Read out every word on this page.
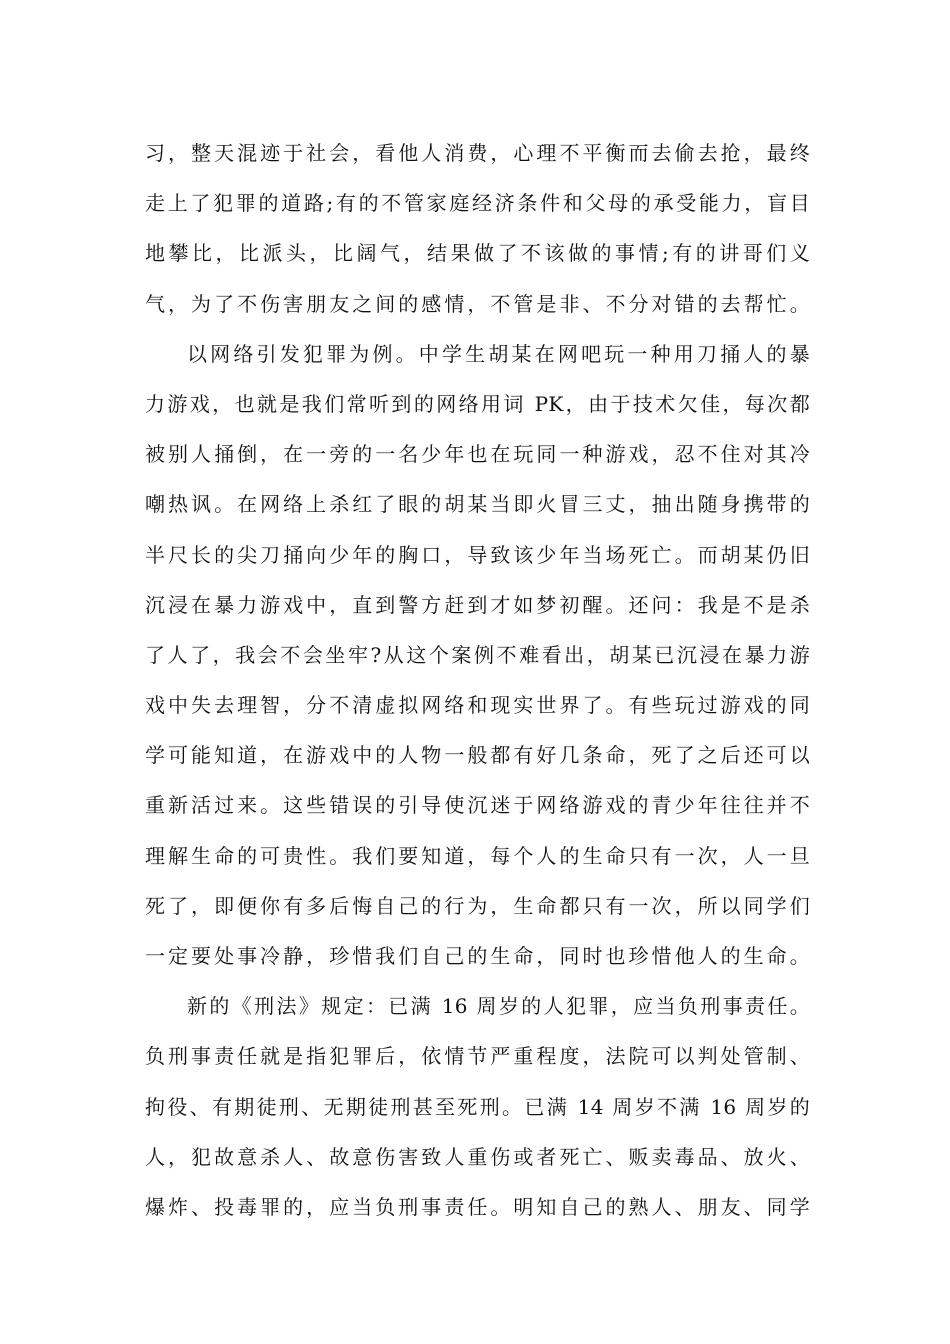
习，整天混迹于社会，看他人消费，心理不平衡而去偷去抢，最终
走上了犯罪的道路;有的不管家庭经济条件和父母的承受能力，盲目
地攀比，比派头，比阔气，结果做了不该做的事情;有的讲哥们义
气，为了不伤害朋友之间的感情，不管是非、不分对错的去帮忙。
以网络引发犯罪为例。中学生胡某在网吧玩一种用刀捅人的暴
力游戏，也就是我们常听到的网络用词 PK，由于技术欠佳，每次都
被别人捅倒，在一旁的一名少年也在玩同一种游戏，忍不住对其冷
嘲热讽。在网络上杀红了眼的胡某当即火冒三丈，抽出随身携带的
半尺长的尖刀捅向少年的胸口，导致该少年当场死亡。而胡某仍旧
沉浸在暴力游戏中，直到警方赶到才如梦初醒。还问：我是不是杀
了人了，我会不会坐牢?从这个案例不难看出，胡某已沉浸在暴力游
戏中失去理智，分不清虚拟网络和现实世界了。有些玩过游戏的同
学可能知道，在游戏中的人物一般都有好几条命，死了之后还可以
重新活过来。这些错误的引导使沉迷于网络游戏的青少年往往并不
理解生命的可贵性。我们要知道，每个人的生命只有一次，人一旦
死了，即便你有多后悔自己的行为，生命都只有一次，所以同学们
一定要处事冷静，珍惜我们自己的生命，同时也珍惜他人的生命。
新的《刑法》规定：已满 16 周岁的人犯罪，应当负刑事责任。
负刑事责任就是指犯罪后，依情节严重程度，法院可以判处管制、
拘役、有期徒刑、无期徒刑甚至死刑。已满 14 周岁不满 16 周岁的
人，犯故意杀人、故意伤害致人重伤或者死亡、贩卖毒品、放火、
爆炸、投毒罪的，应当负刑事责任。明知自己的熟人、朋友、同学
